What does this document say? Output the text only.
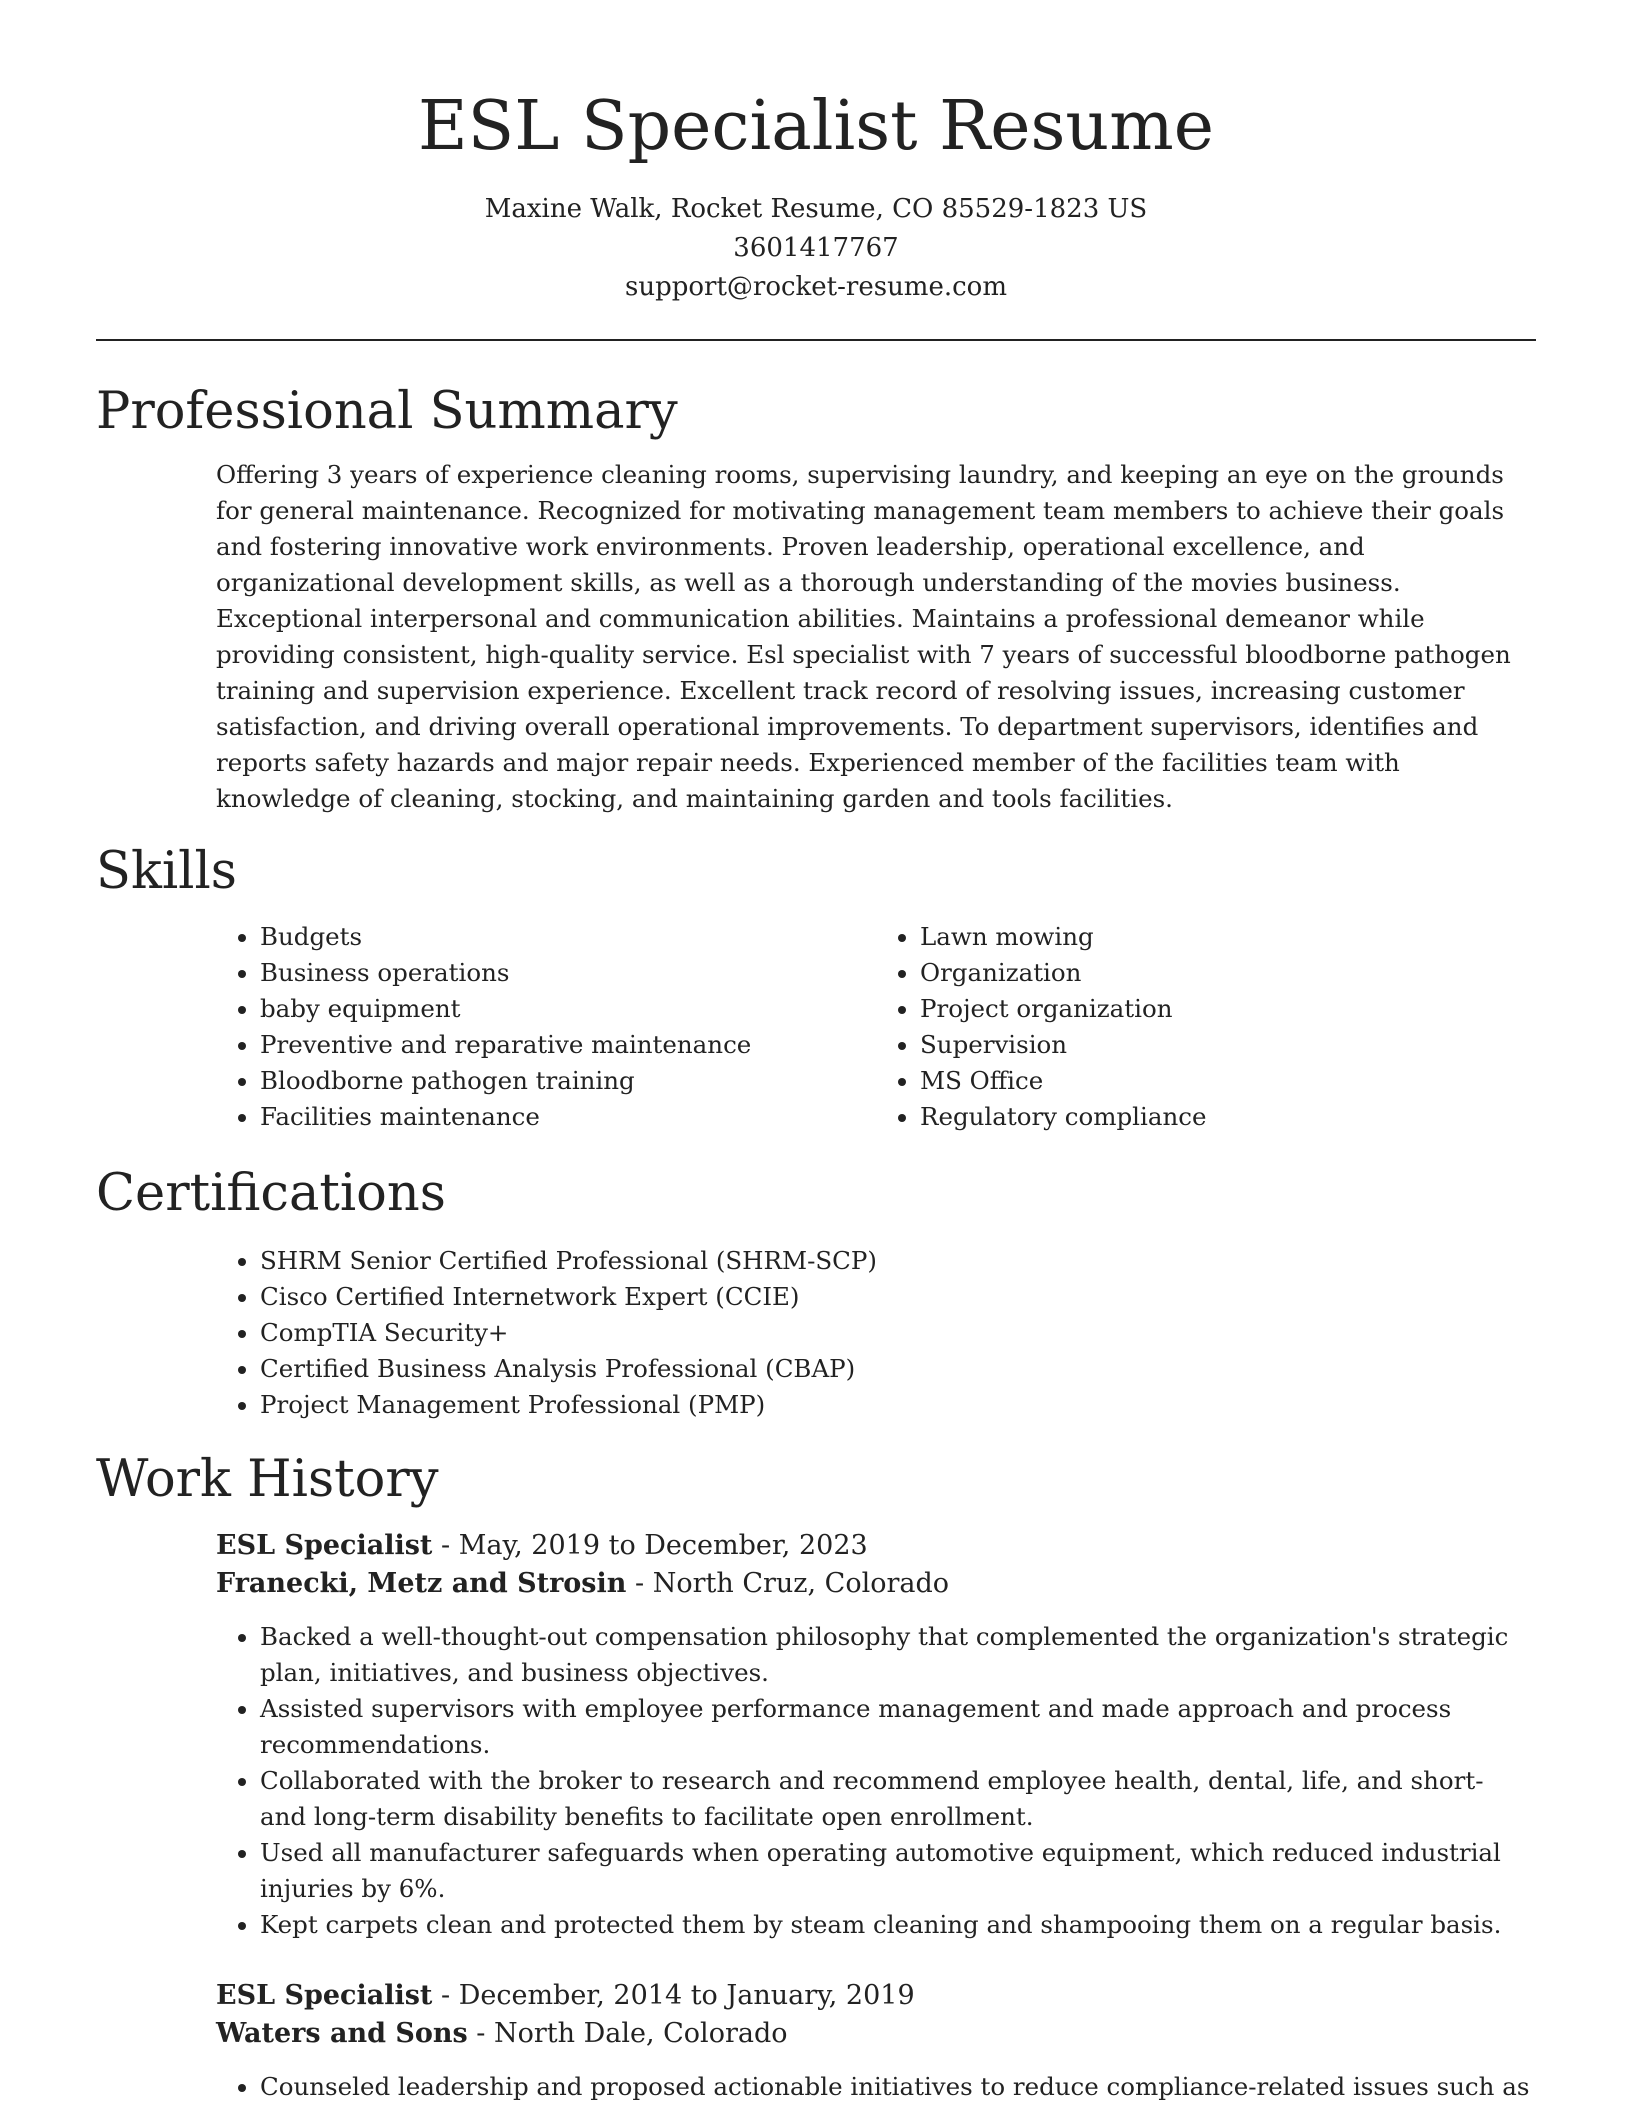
ESL Specialist Resume
Maxine Walk, Rocket Resume, CO 85529-1823 US
3601417767
support@rocket-resume.com
Professional Summary

Offering 3 years of experience cleaning rooms, supervising laundry, and keeping an eye on the grounds for general maintenance. Recognized for motivating management team members to achieve their goals and fostering innovative work environments. Proven leadership, operational excellence, and organizational development skills, as well as a thorough understanding of the movies business. Exceptional interpersonal and communication abilities. Maintains a professional demeanor while providing consistent, high-quality service. Esl specialist with 7 years of successful bloodborne pathogen training and supervision experience. Excellent track record of resolving issues, increasing customer satisfaction, and driving overall operational improvements. To department supervisors, identifies and reports safety hazards and major repair needs. Experienced member of the facilities team with knowledge of cleaning, stocking, and maintaining garden and tools facilities.

Skills
• Budgets
• Business operations
• baby equipment
• Preventive and reparative maintenance
• Bloodborne pathogen training
• Facilities maintenance
• Lawn mowing
• Organization
• Project organization
• Supervision
• MS Office
• Regulatory compliance
Certifications
• SHRM Senior Certified Professional (SHRM-SCP)
• Cisco Certified Internetwork Expert (CCIE)
• CompTIA Security+
• Certified Business Analysis Professional (CBAP)
• Project Management Professional (PMP)
Work History
ESL Specialist - May, 2019 to December, 2023
Franecki, Metz and Strosin - North Cruz, Colorado
• Backed a well-thought-out compensation philosophy that complemented the organization's strategic plan, initiatives, and business objectives.
• Assisted supervisors with employee performance management and made approach and process recommendations.
• Collaborated with the broker to research and recommend employee health, dental, life, and short- and long-term disability benefits to facilitate open enrollment.
• Used all manufacturer safeguards when operating automotive equipment, which reduced industrial injuries by 6%.
• Kept carpets clean and protected them by steam cleaning and shampooing them on a regular basis.
ESL Specialist - December, 2014 to January, 2019
Waters and Sons - North Dale, Colorado
• Counseled leadership and proposed actionable initiatives to reduce compliance-related issues such as
